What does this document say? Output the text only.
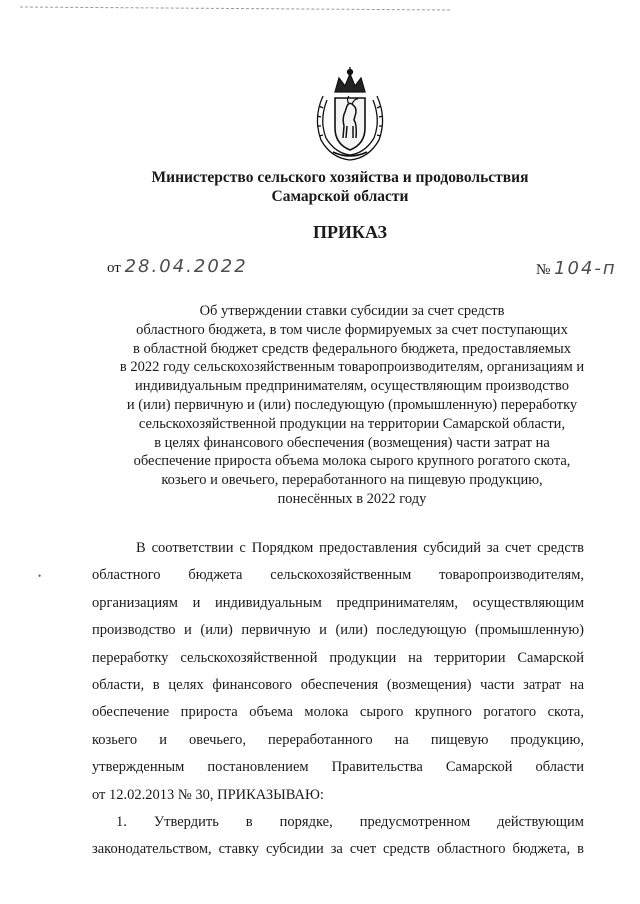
Министерство сельского хозяйства и продовольствия
Самарской области
ПРИКАЗ
от 28.04.2022	№ 104-п
Об утверждении ставки субсидии за счет средств
областного бюджета, в том числе формируемых за счет поступающих
в областной бюджет средств федерального бюджета, предоставляемых
в 2022 году сельскохозяйственным товаропроизводителям, организациям и
индивидуальным предпринимателям, осуществляющим производство
и (или) первичную и (или) последующую (промышленную) переработку
сельскохозяйственной продукции на территории Самарской области,
в целях финансового обеспечения (возмещения) части затрат на
обеспечение прироста объема молока сырого крупного рогатого скота,
козьего и овечьего, переработанного на пищевую продукцию,
понесённых в 2022 году
•
В соответствии с Порядком предоставления субсидий за счет средств
областного бюджета сельскохозяйственным товаропроизводителям,
организациям и индивидуальным предпринимателям, осуществляющим
производство и (или) первичную и (или) последующую (промышленную)
переработку сельскохозяйственной продукции на территории Самарской
области, в целях финансового обеспечения (возмещения) части затрат на
обеспечение прироста объема молока сырого крупного рогатого скота,
козьего и овечьего, переработанного на пищевую продукцию,
утвержденным постановлением Правительства Самарской области
от 12.02.2013 № 30, ПРИКАЗЫВАЮ:
1. Утвердить в порядке, предусмотренном действующим
законодательством, ставку субсидии за счет средств областного бюджета, в
